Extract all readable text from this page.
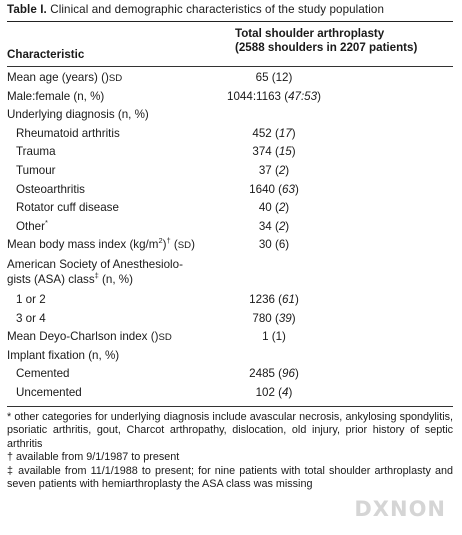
Table I. Clinical and demographic characteristics of the study population
Characteristic
Total shoulder arthroplasty
(2588 shoulders in 2207 patients)
Mean age (years) ()SD	65 (12)
Male:female (n, %)	1044:1163 (47:53)
Underlying diagnosis (n, %)
Rheumatoid arthritis	452 (17)
Trauma	374 (15)
Tumour	37 (2)
Osteoarthritis	1640 (63)
Rotator cuff disease	40 (2)
Other*	34 (2)
Mean body mass index $(kg/m^2)^\dagger$ (SD)	30 (6)
American Society of Anesthesiolo-
gists (ASA) class‡ (n, %)
1 or 2	1236 (61)
3 or 4	780 (39)
Mean Deyo-Charlson index ()SD	1 (1)
Implant fixation (n, %)
Cemented	2485 (96)
Uncemented	102 (4)

* other categories for underlying diagnosis include avascular necrosis, ankylosing spondylitis, psoriatic arthritis, gout, Charcot arthropathy, dislocation, old injury, prior history of septic arthritis

† available from 9/1/1987 to present

‡ available from 11/1/1988 to present; for nine patients with total shoulder arthroplasty and seven patients with hemiarthroplasty the ASA class was missing

DXNON
